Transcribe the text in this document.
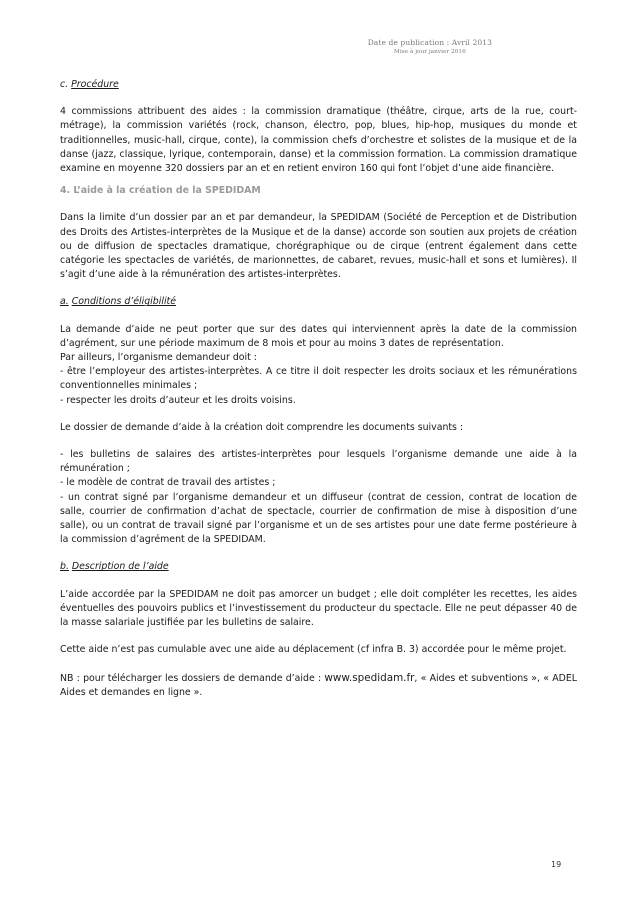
Date de publication : Avril 2013
Mise à jour janvier 2016

c. Procédure

4 commissions attribuent des aides : la commission dramatique (théâtre, cirque, arts de la rue, court-métrage), la commission variétés (rock, chanson, électro, pop, blues, hip-hop, musiques du monde et traditionnelles, music-hall, cirque, conte), la commission chefs d’orchestre et solistes de la musique et de la danse (jazz, classique, lyrique, contemporain, danse) et la commission formation. La commission dramatique examine en moyenne 320 dossiers par an et en retient environ 160 qui font l’objet d’une aide financière.

4. L’aide à la création de la SPEDIDAM

Dans la limite d’un dossier par an et par demandeur, la SPEDIDAM (Société de Perception et de Distribution des Droits des Artistes-interprètes de la Musique et de la danse) accorde son soutien aux projets de création ou de diffusion de spectacles dramatique, chorégraphique ou de cirque (entrent également dans cette catégorie les spectacles de variétés, de marionnettes, de cabaret, revues, music-hall et sons et lumières). Il s’agit d’une aide à la rémunération des artistes-interprètes.

a. Conditions d’éligibilité

La demande d’aide ne peut porter que sur des dates qui interviennent après la date de la commission d’agrément, sur une période maximum de 8 mois et pour au moins 3 dates de représentation.

Par ailleurs, l’organisme demandeur doit :

- être l’employeur des artistes-interprètes. A ce titre il doit respecter les droits sociaux et les rémunérations conventionnelles minimales ;

- respecter les droits d’auteur et les droits voisins.

Le dossier de demande d’aide à la création doit comprendre les documents suivants :

- les bulletins de salaires des artistes-interprètes pour lesquels l’organisme demande une aide à la rémunération ;

- le modèle de contrat de travail des artistes ;

- un contrat signé par l’organisme demandeur et un diffuseur (contrat de cession, contrat de location de salle, courrier de confirmation d’achat de spectacle, courrier de confirmation de mise à disposition d’une salle), ou un contrat de travail signé par l’organisme et un de ses artistes pour une date ferme postérieure à la commission d’agrément de la SPEDIDAM.

b. Description de l’aide

L’aide accordée par la SPEDIDAM ne doit pas amorcer un budget ; elle doit compléter les recettes, les aides éventuelles des pouvoirs publics et l’investissement du producteur du spectacle. Elle ne peut dépasser 40 de la masse salariale justifiée par les bulletins de salaire.

Cette aide n’est pas cumulable avec une aide au déplacement (cf infra B. 3) accordée pour le même projet.

NB : pour télécharger les dossiers de demande d’aide : www.spedidam.fr, « Aides et subventions », « ADEL Aides et demandes en ligne ».

19
